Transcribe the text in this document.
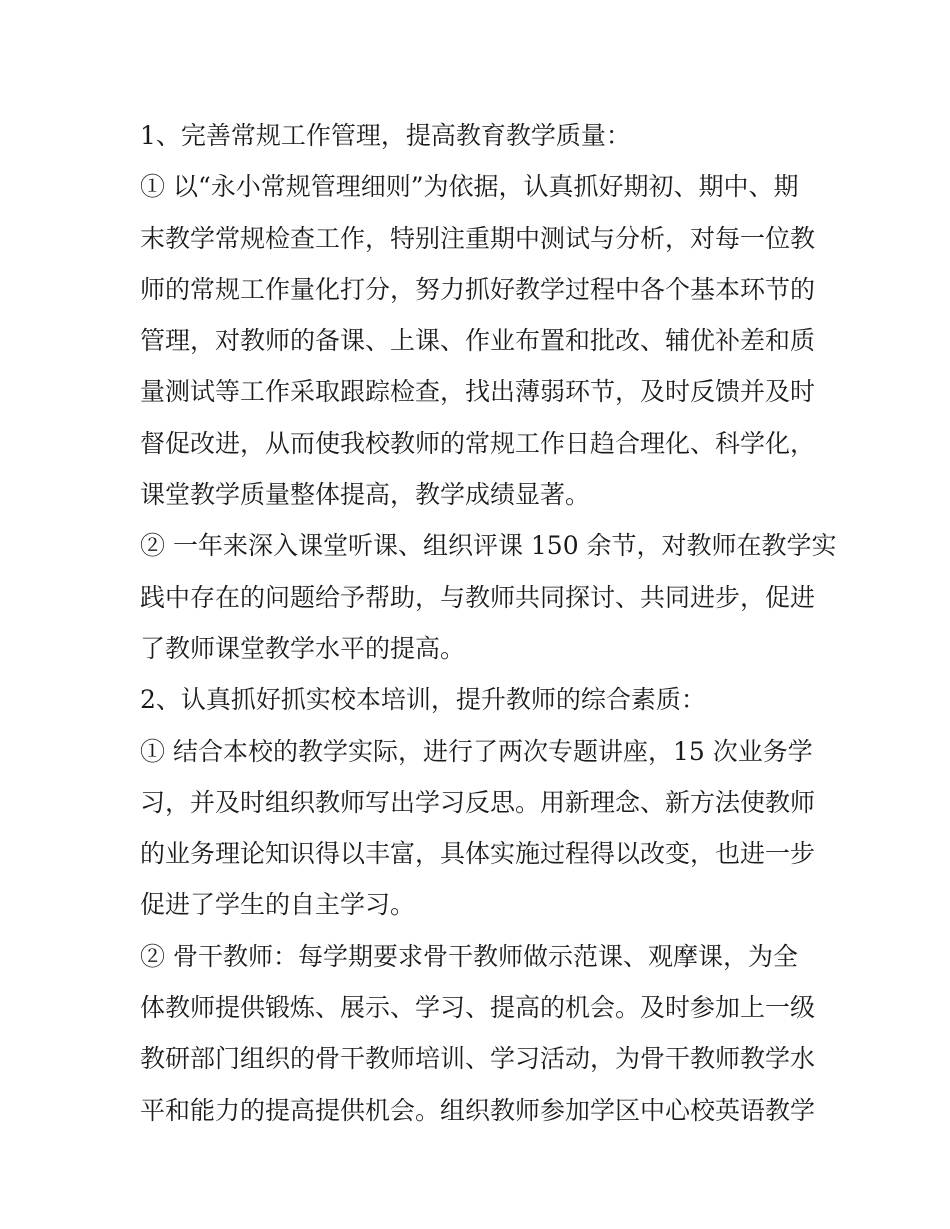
1、完善常规工作管理，提高教育教学质量：
① 以“永小常规管理细则”为依据，认真抓好期初、期中、期
末教学常规检查工作，特别注重期中测试与分析，对每一位教
师的常规工作量化打分，努力抓好教学过程中各个基本环节的
管理，对教师的备课、上课、作业布置和批改、辅优补差和质
量测试等工作采取跟踪检查，找出薄弱环节，及时反馈并及时
督促改进，从而使我校教师的常规工作日趋合理化、科学化，
课堂教学质量整体提高，教学成绩显著。
② 一年来深入课堂听课、组织评课 150 余节，对教师在教学实
践中存在的问题给予帮助，与教师共同探讨、共同进步，促进
了教师课堂教学水平的提高。
2、认真抓好抓实校本培训，提升教师的综合素质：
① 结合本校的教学实际，进行了两次专题讲座，15 次业务学
习，并及时组织教师写出学习反思。用新理念、新方法使教师
的业务理论知识得以丰富，具体实施过程得以改变，也进一步
促进了学生的自主学习。
② 骨干教师：每学期要求骨干教师做示范课、观摩课，为全
体教师提供锻炼、展示、学习、提高的机会。及时参加上一级
教研部门组织的骨干教师培训、学习活动，为骨干教师教学水
平和能力的提高提供机会。组织教师参加学区中心校英语教学
